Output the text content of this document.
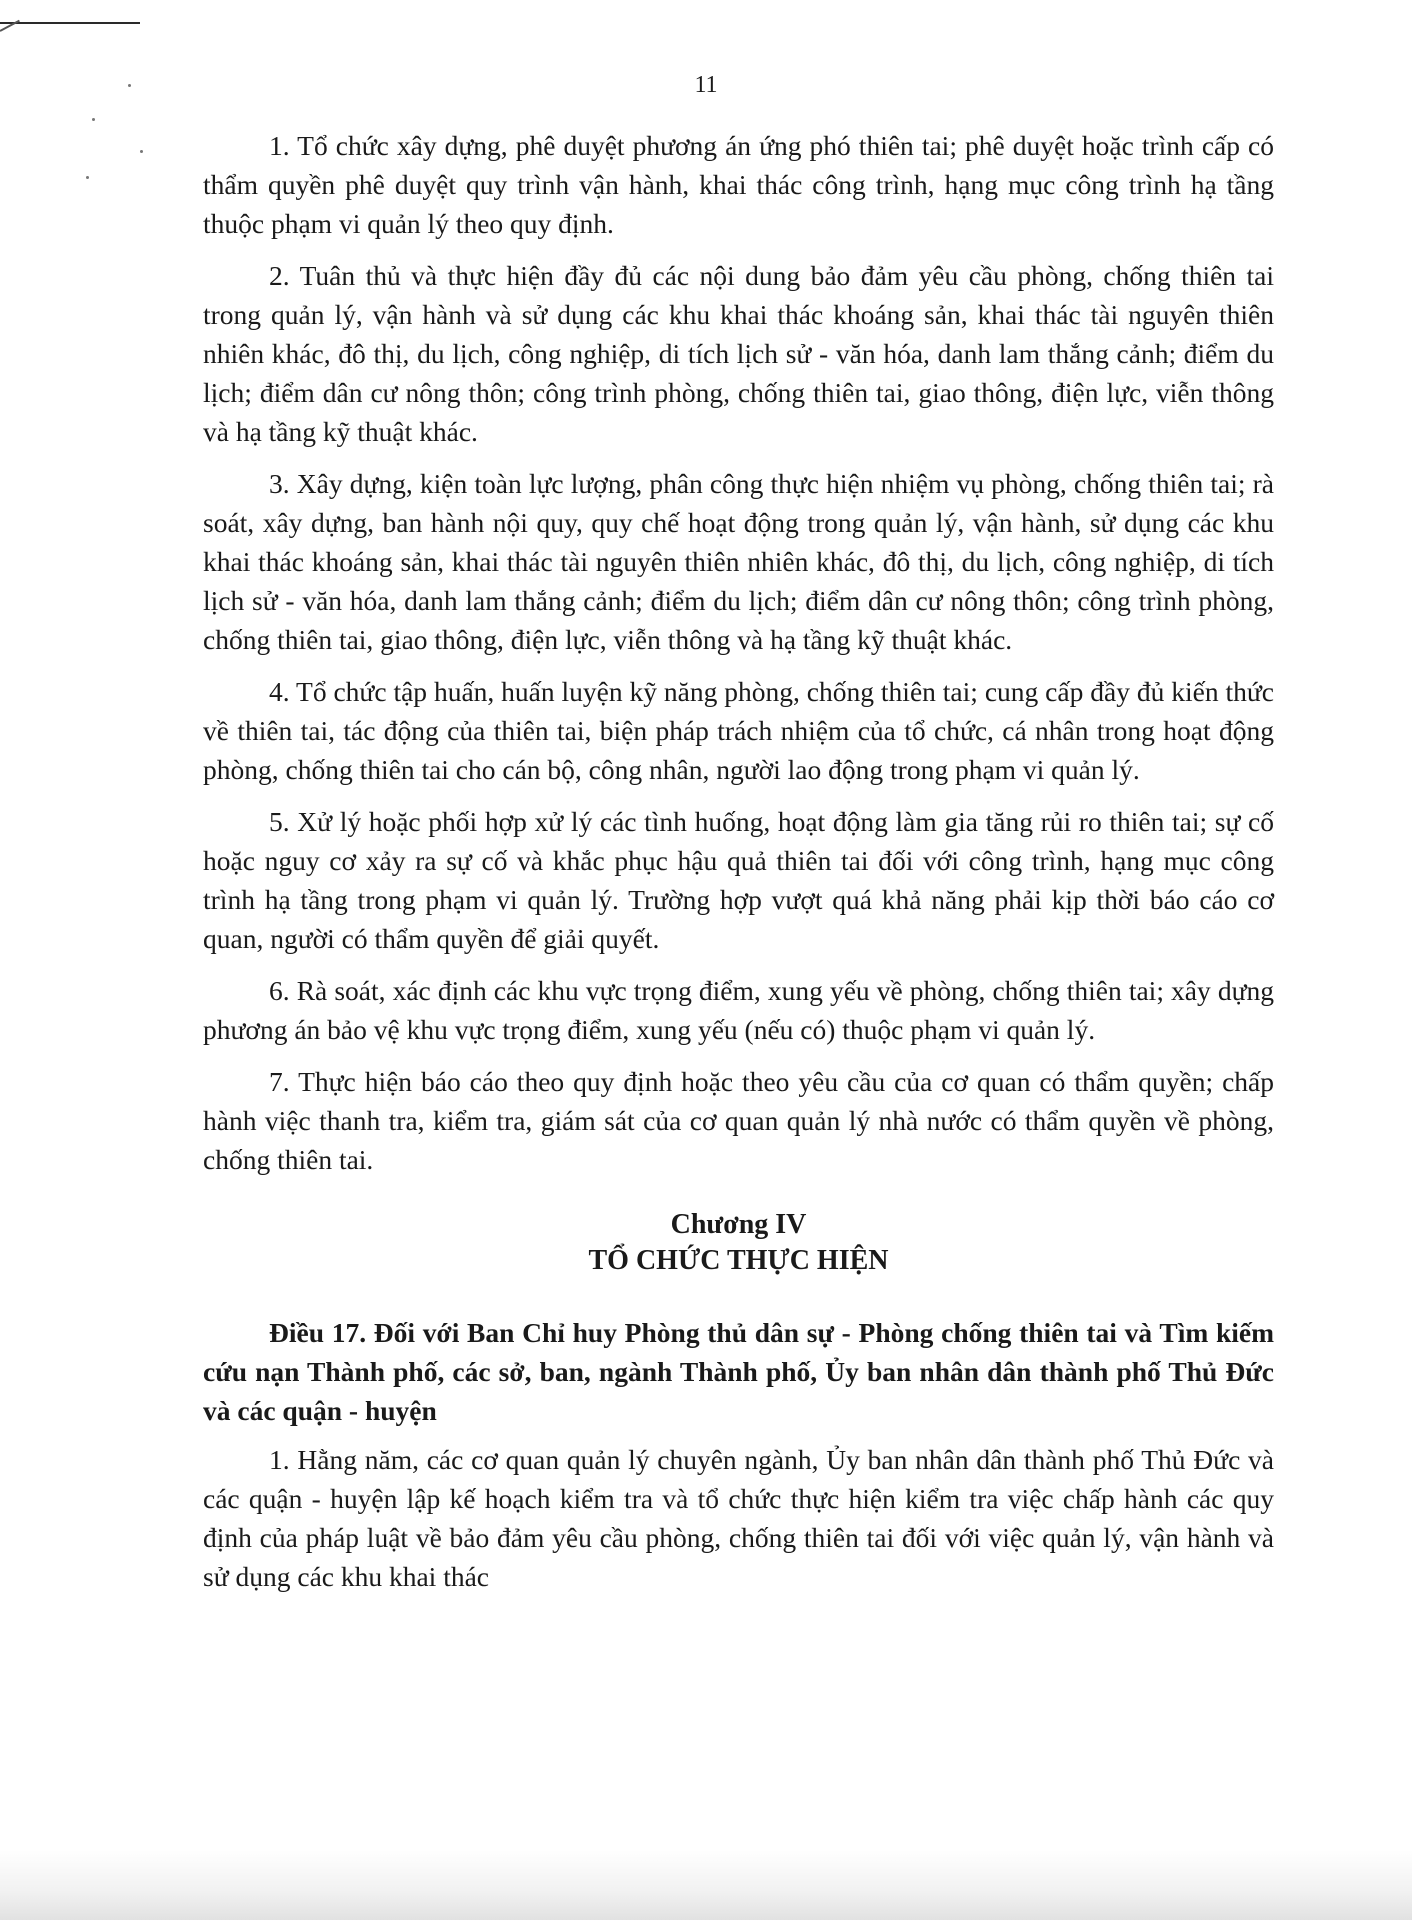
11

1. Tổ chức xây dựng, phê duyệt phương án ứng phó thiên tai; phê duyệt hoặc trình cấp có thẩm quyền phê duyệt quy trình vận hành, khai thác công trình, hạng mục công trình hạ tầng thuộc phạm vi quản lý theo quy định.

2. Tuân thủ và thực hiện đầy đủ các nội dung bảo đảm yêu cầu phòng, chống thiên tai trong quản lý, vận hành và sử dụng các khu khai thác khoáng sản, khai thác tài nguyên thiên nhiên khác, đô thị, du lịch, công nghiệp, di tích lịch sử - văn hóa, danh lam thắng cảnh; điểm du lịch; điểm dân cư nông thôn; công trình phòng, chống thiên tai, giao thông, điện lực, viễn thông và hạ tầng kỹ thuật khác.

3. Xây dựng, kiện toàn lực lượng, phân công thực hiện nhiệm vụ phòng, chống thiên tai; rà soát, xây dựng, ban hành nội quy, quy chế hoạt động trong quản lý, vận hành, sử dụng các khu khai thác khoáng sản, khai thác tài nguyên thiên nhiên khác, đô thị, du lịch, công nghiệp, di tích lịch sử - văn hóa, danh lam thắng cảnh; điểm du lịch; điểm dân cư nông thôn; công trình phòng, chống thiên tai, giao thông, điện lực, viễn thông và hạ tầng kỹ thuật khác.

4. Tổ chức tập huấn, huấn luyện kỹ năng phòng, chống thiên tai; cung cấp đầy đủ kiến thức về thiên tai, tác động của thiên tai, biện pháp trách nhiệm của tổ chức, cá nhân trong hoạt động phòng, chống thiên tai cho cán bộ, công nhân, người lao động trong phạm vi quản lý.

5. Xử lý hoặc phối hợp xử lý các tình huống, hoạt động làm gia tăng rủi ro thiên tai; sự cố hoặc nguy cơ xảy ra sự cố và khắc phục hậu quả thiên tai đối với công trình, hạng mục công trình hạ tầng trong phạm vi quản lý. Trường hợp vượt quá khả năng phải kịp thời báo cáo cơ quan, người có thẩm quyền để giải quyết.

6. Rà soát, xác định các khu vực trọng điểm, xung yếu về phòng, chống thiên tai; xây dựng phương án bảo vệ khu vực trọng điểm, xung yếu (nếu có) thuộc phạm vi quản lý.

7. Thực hiện báo cáo theo quy định hoặc theo yêu cầu của cơ quan có thẩm quyền; chấp hành việc thanh tra, kiểm tra, giám sát của cơ quan quản lý nhà nước có thẩm quyền về phòng, chống thiên tai.

Chương IV
TỔ CHỨC THỰC HIỆN

Điều 17. Đối với Ban Chỉ huy Phòng thủ dân sự - Phòng chống thiên tai và Tìm kiếm cứu nạn Thành phố, các sở, ban, ngành Thành phố, Ủy ban nhân dân thành phố Thủ Đức và các quận - huyện

1. Hằng năm, các cơ quan quản lý chuyên ngành, Ủy ban nhân dân thành phố Thủ Đức và các quận - huyện lập kế hoạch kiểm tra và tổ chức thực hiện kiểm tra việc chấp hành các quy định của pháp luật về bảo đảm yêu cầu phòng, chống thiên tai đối với việc quản lý, vận hành và sử dụng các khu khai thác
